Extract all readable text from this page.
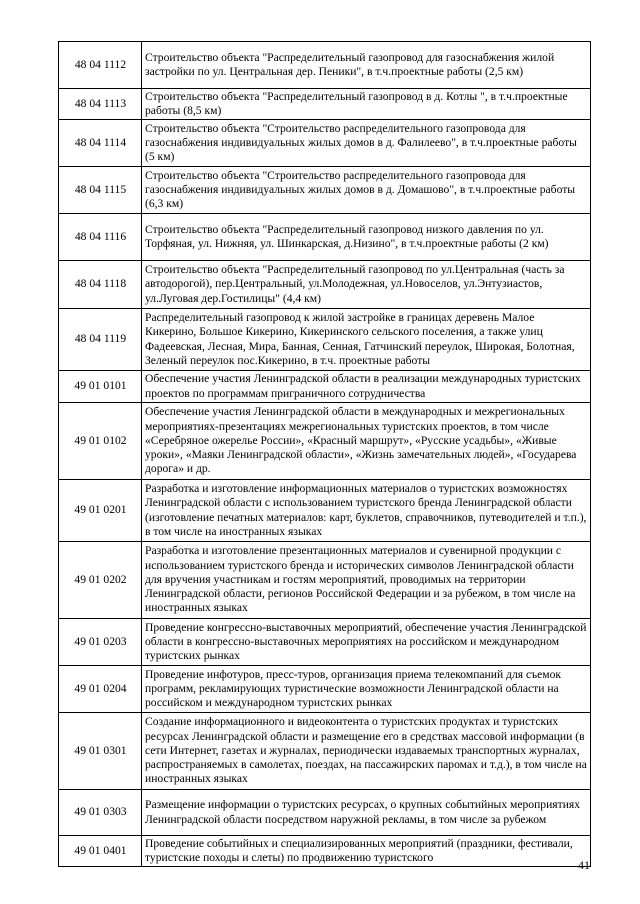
48 04 1112	Строительство объекта "Распределительный газопровод для газоснабжения жилой застройки по ул. Центральная дер. Пеники", в т.ч.проектные работы (2,5 км)
48 04 1113	Строительство объекта "Распределительный газопровод в д. Котлы ", в т.ч.проектные работы (8,5 км)
48 04 1114	Строительство объекта "Строительство распределительного газопровода для газоснабжения индивидуальных жилых домов в д. Фалилеево", в т.ч.проектные работы (5 км)
48 04 1115	Строительство объекта "Строительство распределительного газопровода для газоснабжения индивидуальных жилых домов в д. Домашово", в т.ч.проектные работы (6,3 км)
48 04 1116	Строительство объекта "Распределительный газопровод низкого давления по ул. Торфяная, ул. Нижняя, ул. Шинкарская, д.Низино", в т.ч.проектные работы (2 км)
48 04 1118	Строительство объекта "Распределительный газопровод по ул.Центральная (часть за автодорогой), пер.Центральный, ул.Молодежная, ул.Новоселов, ул.Энтузиастов, ул.Луговая дер.Гостилицы" (4,4 км)
48 04 1119	Распределительный газопровод к жилой застройке в границах деревень Малое Кикерино, Большое Кикерино, Кикеринского сельского поселения, а также улиц Фадеевская, Лесная, Мира, Банная, Сенная, Гатчинский переулок, Широкая, Болотная, Зеленый переулок пос.Кикерино, в т.ч. проектные работы
49 01 0101	Обеспечение участия Ленинградской области в реализации международных туристских проектов по программам приграничного сотрудничества
49 01 0102	Обеспечение участия Ленинградской области в международных и межрегиональных мероприятиях-презентациях межрегиональных туристских проектов, в том числе «Серебряное ожерелье России», «Красный маршрут», «Русские усадьбы», «Живые уроки», «Маяки Ленинградской области», «Жизнь замечательных людей», «Государева дорога» и др.
49 01 0201	Разработка и изготовление информационных материалов о туристских возможностях Ленинградской области с использованием туристского бренда Ленинградской области (изготовление печатных материалов: карт, буклетов, справочников, путеводителей и т.п.), в том числе на иностранных языках
49 01 0202	Разработка и изготовление презентационных материалов и сувенирной продукции с использованием туристского бренда и исторических символов Ленинградской области для вручения участникам и гостям мероприятий, проводимых на территории Ленинградской области, регионов Российской Федерации и за рубежом, в том числе на иностранных языках
49 01 0203	Проведение конгрессно-выставочных мероприятий, обеспечение участия Ленинградской области в конгрессно-выставочных мероприятиях на российском и международном туристских рынках
49 01 0204	Проведение инфотуров, пресс-туров, организация приема телекомпаний для съемок программ, рекламирующих туристические возможности Ленинградской области на российском и международном туристских рынках
49 01 0301	Создание информационного и видеоконтента о туристских продуктах и туристских ресурсах Ленинградской области и размещение его в средствах массовой информации (в сети Интернет, газетах и журналах, периодически издаваемых транспортных журналах, распространяемых в самолетах, поездах, на пассажирских паромах и т.д.), в том числе на иностранных языках
49 01 0303	Размещение информации о туристских ресурсах, о крупных событийных мероприятиях Ленинградской области посредством наружной рекламы, в том числе за рубежом
49 01 0401	Проведение событийных и специализированных мероприятий (праздники, фестивали, туристские походы и слеты) по продвижению туристского
41
